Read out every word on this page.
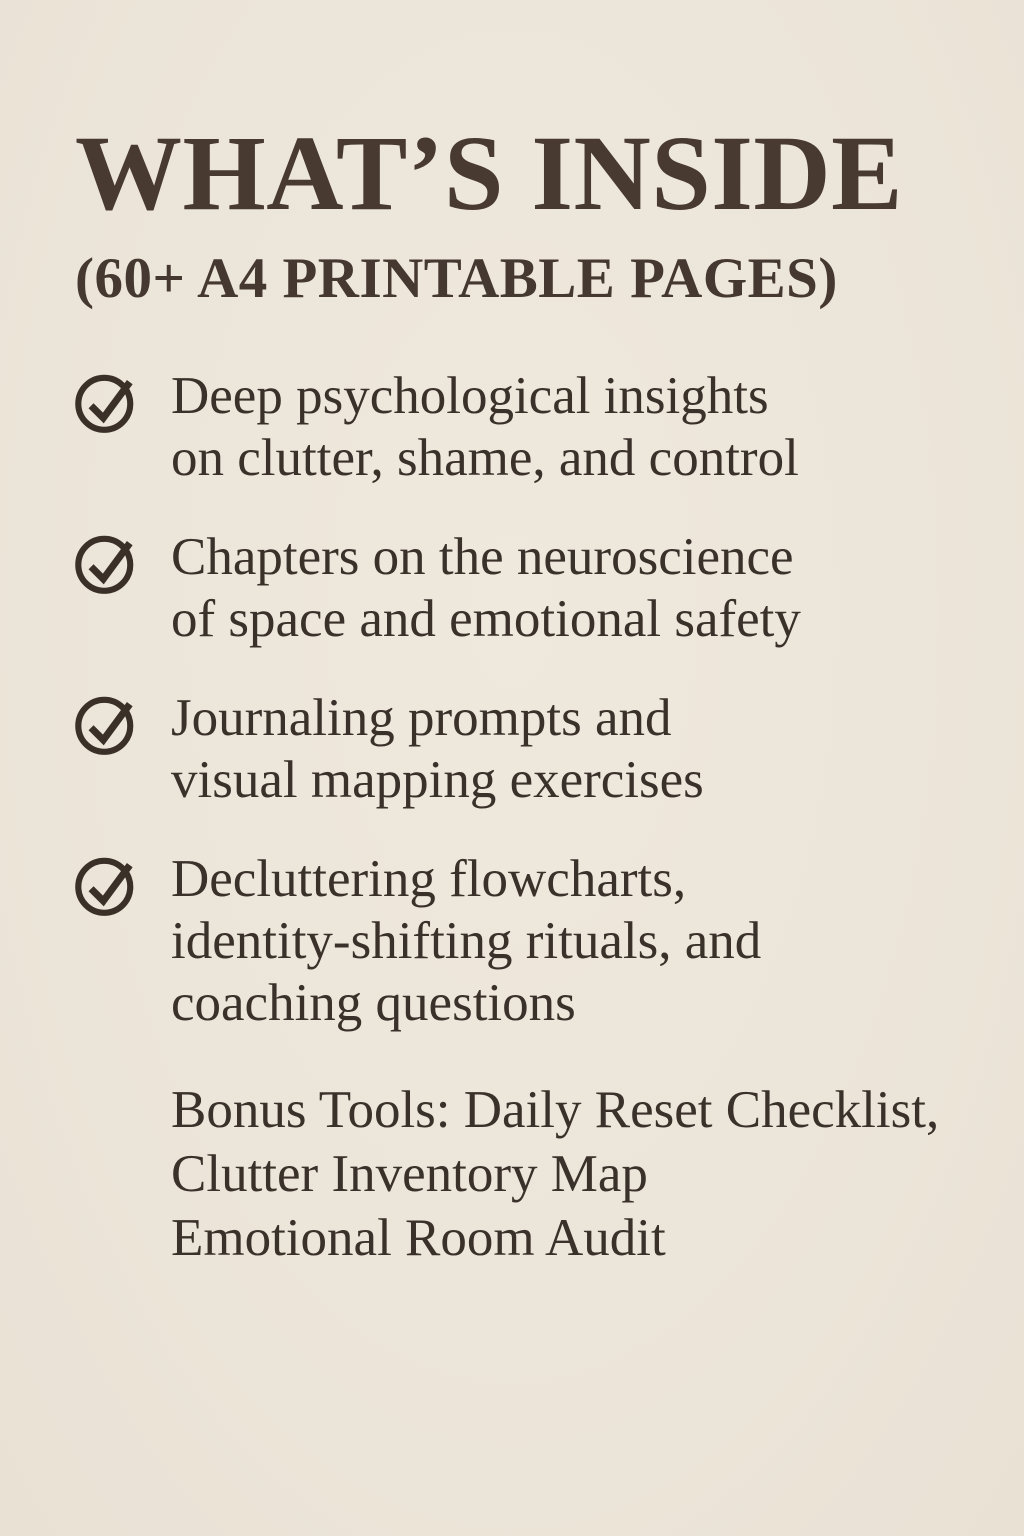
WHAT’S INSIDE
(60+ A4 PRINTABLE PAGES)
Deep psychological insights
on clutter, shame, and control
Chapters on the neuroscience
of space and emotional safety
Journaling prompts and
visual mapping exercises
Decluttering flowcharts,
identity-shifting rituals, and
coaching questions
Bonus Tools: Daily Reset Checklist,
Clutter Inventory Map
Emotional Room Audit
